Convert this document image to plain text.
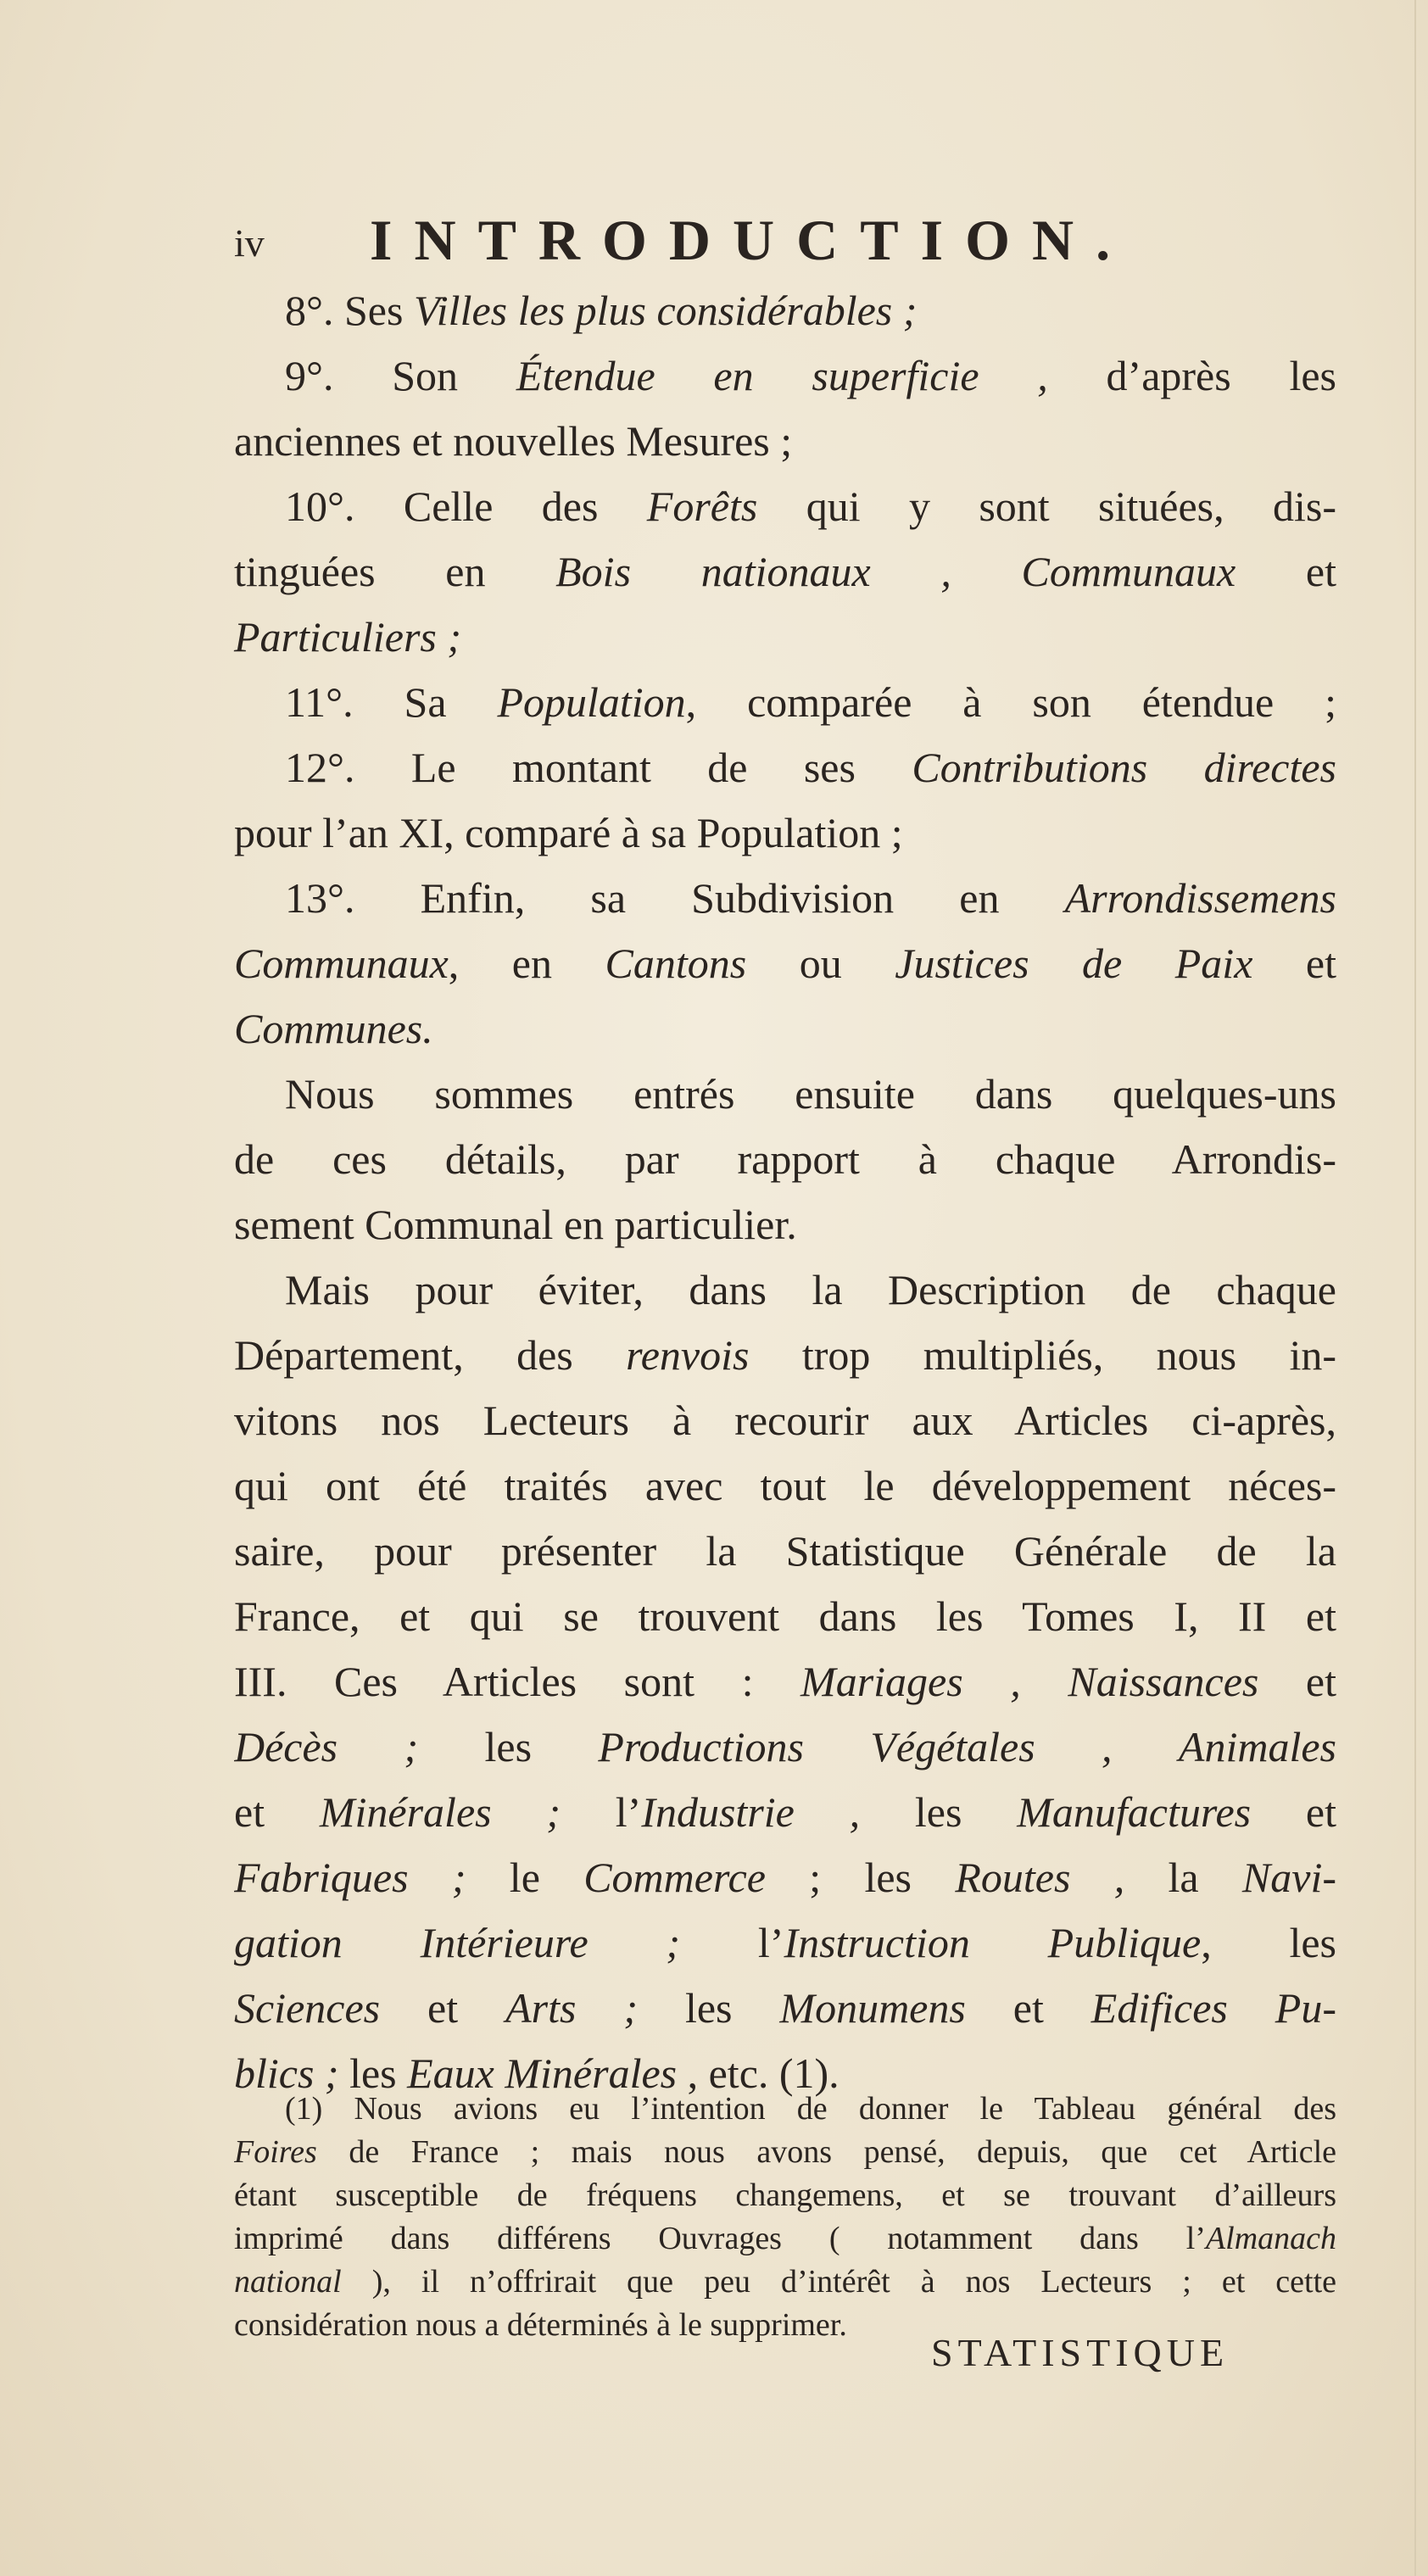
iv INTRODUCTION.
8°. Ses Villes les plus considérables ;
9°. Son Étendue en superficie , d’après les
anciennes et nouvelles Mesures ;
10°. Celle des Forêts qui y sont situées, dis-
tinguées en Bois nationaux , Communaux et
Particuliers ;
11°. Sa Population, comparée à son étendue ;
12°. Le montant de ses Contributions directes
pour l’an XI, comparé à sa Population ;
13°. Enfin, sa Subdivision en Arrondissemens
Communaux, en Cantons ou Justices de Paix et
Communes.
Nous sommes entrés ensuite dans quelques-uns
de ces détails, par rapport à chaque Arrondis-
sement Communal en particulier.
Mais pour éviter, dans la Description de chaque
Département, des renvois trop multipliés, nous in-
vitons nos Lecteurs à recourir aux Articles ci-après,
qui ont été traités avec tout le développement néces-
saire, pour présenter la Statistique Générale de la
France, et qui se trouvent dans les Tomes I, II et
III. Ces Articles sont : Mariages , Naissances et
Décès ; les Productions Végétales , Animales
et Minérales ; l’Industrie , les Manufactures et
Fabriques ; le Commerce ; les Routes , la Navi-
gation Intérieure ; l’Instruction Publique, les
Sciences et Arts ; les Monumens et Edifices Pu-
blics ; les Eaux Minérales , etc. (1).
(1) Nous avions eu l’intention de donner le Tableau général des
Foires de France ; mais nous avons pensé, depuis, que cet Article
étant susceptible de fréquens changemens, et se trouvant d’ailleurs
imprimé dans différens Ouvrages ( notamment dans l’Almanach
national ), il n’offrirait que peu d’intérêt à nos Lecteurs ; et cette
considération nous a déterminés à le supprimer.
STATISTIQUE
